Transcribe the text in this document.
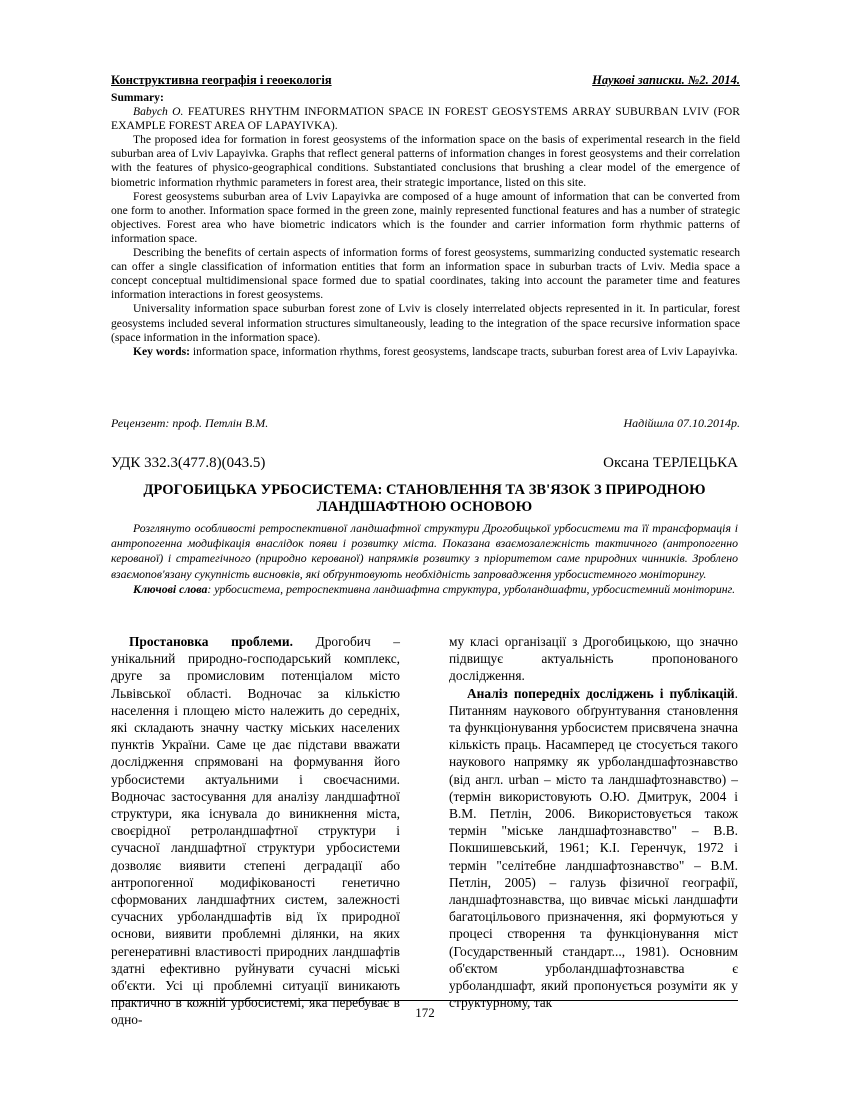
Конструктивна географія і геоекологія	Наукові записки. №2. 2014.

Summary:

Babych O. FEATURES RHYTHM INFORMATION SPACE IN FOREST GEOSYSTEMS ARRAY SUBURBAN LVIV (FOR EXAMPLE FOREST AREA OF LAPAYIVKA).

The proposed idea for formation in forest geosystems of the information space on the basis of experimental research in the field suburban area of Lviv Lapayivka. Graphs that reflect general patterns of information changes in forest geosystems and their correlation with the features of physico-geographical conditions. Substantiated conclusions that brushing a clear model of the emergence of biometric information rhythmic parameters in forest area, their strategic importance, listed on this site.

Forest geosystems suburban area of Lviv Lapayivka are composed of a huge amount of information that can be converted from one form to another. Information space formed in the green zone, mainly represented functional features and has a number of strategic objectives. Forest area who have biometric indicators which is the founder and carrier information form rhythmic patterns of information space.

Describing the benefits of certain aspects of information forms of forest geosystems, summarizing conducted systematic research can offer a single classification of information entities that form an information space in suburban tracts of Lviv. Media space a concept conceptual multidimensional space formed due to spatial coordinates, taking into account the parameter time and features information interactions in forest geosystems.

Universality information space suburban forest zone of Lviv is closely interrelated objects represented in it. In particular, forest geosystems included several information structures simultaneously, leading to the integration of the space recursive information space (space information in the information space).

Key words: information space, information rhythms, forest geosystems, landscape tracts, suburban forest area of Lviv Lapayivka.

Рецензент: проф. Петлін В.М.	Надійшла 07.10.2014р.
УДК 332.3(477.8)(043.5)	Оксана ТЕРЛЕЦЬКА
ДРОГОБИЦЬКА УРБОСИСТЕМА: СТАНОВЛЕННЯ ТА ЗВ'ЯЗОК З ПРИРОДНОЮ ЛАНДШАФТНОЮ ОСНОВОЮ

Розглянуто особливості ретроспективної ландшафтної структури Дрогобицької урбосистеми та її трансформація і антропогенна модифікація внаслідок появи і розвитку міста. Показана взаємозалежність тактичного (антропогенно керованої) і стратегічного (природно керованої) напрямків розвитку з пріоритетом саме природних чинників. Зроблено взаємопов'язану сукупність висновків, які обґрунтовують необхідність запровадження урбосистемного моніторингу.

Ключові слова: урбосистема, ретроспективна ландшафтна структура, урболандшафти, урбосистемний моніторинг.

Простановка проблеми. Дрогобич – унікальний природно-господарський комплекс, друге за промисловим потенціалом місто Львівської області. Водночас за кількістю населення і площею місто належить до середніх, які складають значну частку міських населених пунктів України. Саме це дає підстави вважати дослідження спрямовані на формування його урбосистеми актуальними і своєчасними. Водночас застосування для аналізу ландшафтної структури, яка існувала до виникнення міста, своєрідної ретроландшафтної структури і сучасної ландшафтної структури урбосистеми дозволяє виявити степені деградації або антропогенної модифікованості генетично сформованих ландшафтних систем, залежності сучасних урболандшафтів від їх природної основи, виявити проблемні ділянки, на яких регенеративні властивості природних ландшафтів здатні ефективно руйнувати сучасні міські об'єкти. Усі ці проблемні ситуації виникають практично в кожній урбосистемі, яка перебуває в одно-

му класі організації з Дрогобицькою, що значно підвищує актуальність пропонованого дослідження.

Аналіз попередніх досліджень і публікацій. Питанням наукового обґрунтування становлення та функціонування урбосистем присвячена значна кількість праць. Насамперед це стосується такого наукового напрямку як урболандшафтознавство (від англ. urban – місто та ландшафтознавство) – (термін використовують О.Ю. Дмитрук, 2004 і В.М. Петлін, 2006. Використовується також термін "міське ландшафтознавство" – В.В. Покшишевський, 1961; К.І. Геренчук, 1972 і термін "селітебне ландшафтознавство" – В.М. Петлін, 2005) – галузь фізичної географії, ландшафтознавства, що вивчає міські ландшафти багатоцільового призначення, які формуються у процесі створення та функціонування міст (Государственный стандарт..., 1981). Основним об'єктом урболандшафтознавства є урболандшафт, який пропонується розуміти як у структурному, так

172
